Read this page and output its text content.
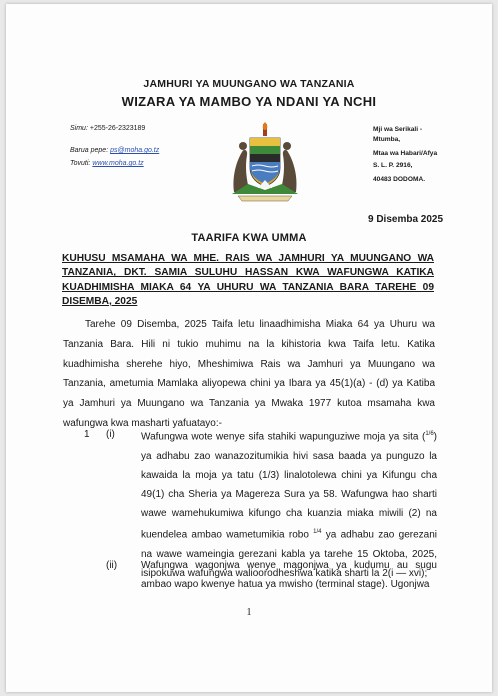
JAMHURI YA MUUNGANO WA TANZANIA
WIZARA YA MAMBO YA NDANI YA NCHI
Simu: +255-26-2323189
Barua pepe: ps@moha.go.tz
Tovuti: www.moha.go.tz
Mji wa Serikali -
Mtumba,
Mtaa wa Habari/Afya
S. L. P. 2916,
40483 DODOMA.
9 Disemba 2025
TAARIFA KWA UMMA
KUHUSU MSAMAHA WA MHE. RAIS WA JAMHURI YA MUUNGANO WA TANZANIA, DKT. SAMIA SULUHU HASSAN KWA WAFUNGWA KATIKA KUADHIMISHA MIAKA 64 YA UHURU WA TANZANIA BARA TAREHE 09 DISEMBA, 2025
Tarehe 09 Disemba, 2025 Taifa letu linaadhimisha Miaka 64 ya Uhuru wa Tanzania Bara. Hili ni tukio muhimu na la kihistoria kwa Taifa letu. Katika kuadhimisha sherehe hiyo, Mheshimiwa Rais wa Jamhuri ya Muungano wa Tanzania, ametumia Mamlaka aliyopewa chini ya Ibara ya 45(1)(a) - (d) ya Katiba ya Jamhuri ya Muungano wa Tanzania ya Mwaka 1977 kutoa msamaha kwa wafungwa kwa masharti yafuatayo:-
1 (i)	Wafungwa wote wenye sifa stahiki wapunguziwe moja ya sita ($^{1/6}$) ya adhabu zao wanazozitumikia hivi sasa baada ya punguzo la kawaida la moja ya tatu (1/3) linalotolewa chini ya Kifungu cha 49(1) cha Sheria ya Magereza Sura ya 58. Wafungwa hao sharti wawe wamehukumiwa kifungo cha kuanzia miaka miwili (2) na kuendelea ambao wametumikia robo $^{1/4}$ ya adhabu zao gerezani na wawe wameingia gerezani kabla ya tarehe 15 Oktoba, 2025, isipokuwa wafungwa walioorodheshwa katika sharti la 2(i — xvi);
(ii) Wafungwa wagonjwa wenye magonjwa ya kudumu au sugu ambao wapo kwenye hatua ya mwisho (terminal stage). Ugonjwa
1
